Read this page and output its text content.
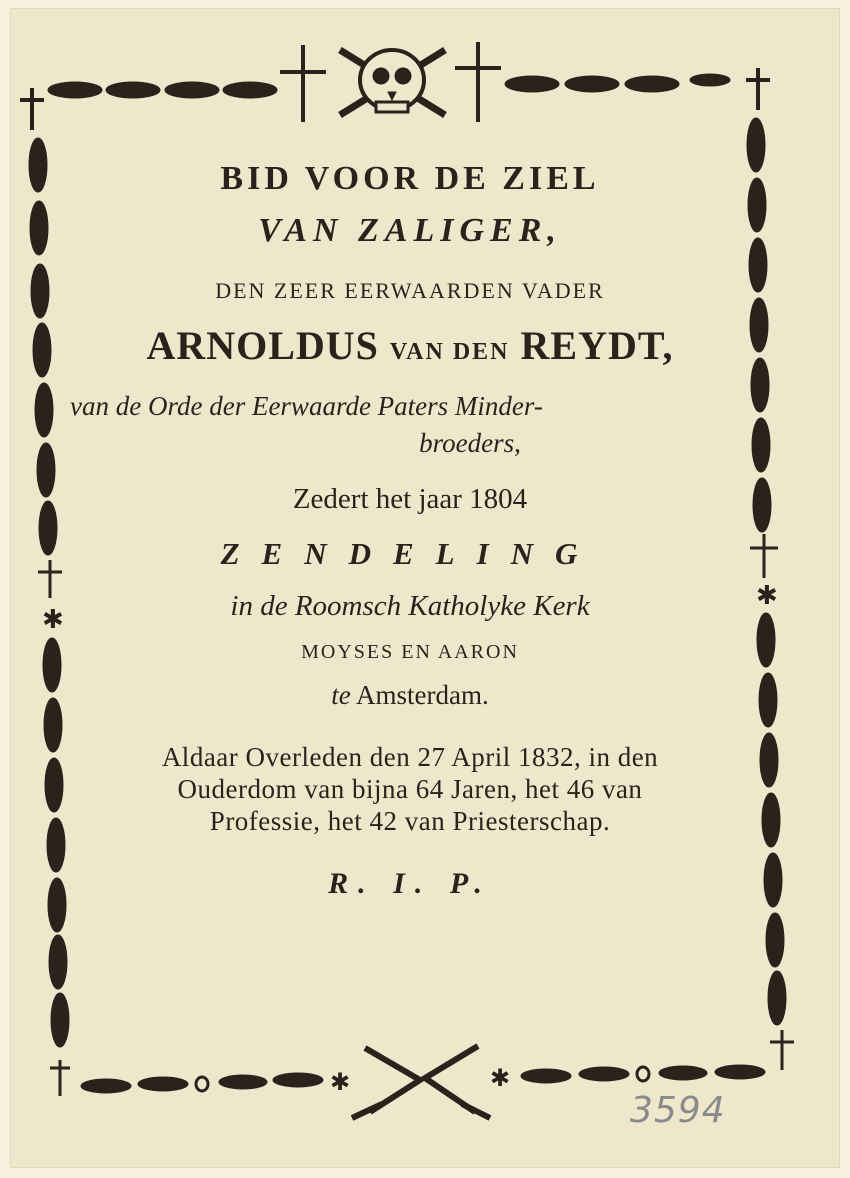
✱
✱
✱	✱
BID VOOR DE ZIEL
VAN ZALIGER,
DEN ZEER EERWAARDEN VADER
ARNOLDUS VAN DEN REYDT,
van de Orde der Eerwaarde Paters Minder-
broeders,
Zedert het jaar 1804
ZENDELING
in de Roomsch Katholyke Kerk
MOYSES EN AARON
te Amsterdam.
Aldaar Overleden den 27 April 1832, in den
Ouderdom van bijna 64 Jaren, het 46 van
Professie, het 42 van Priesterschap.
R. I. P.
3594
